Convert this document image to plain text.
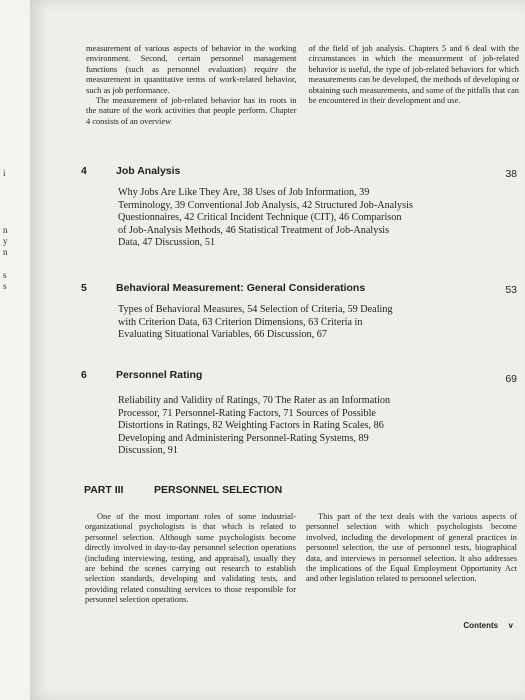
i
n
y
n
s
s

measurement of various aspects of behavior in the working environment. Second, certain personnel management functions (such as personnel evaluation) require the measurement in quantitative terms of work-related behavior, such as job performance.

The measurement of job-related behavior has its roots in the nature of the work activities that people perform. Chapter 4 consists of an overview

of the field of job analysis. Chapters 5 and 6 deal with the circumstances in which the measurement of job-related behavior is useful, the type of job-related behaviors for which measurements can be developed, the methods of developing or obtaining such measurements, and some of the pitfalls that can be encountered in their development and use.

4	Job Analysis	38
Why Jobs Are Like They Are, 38 Uses of Job Information, 39
Terminology, 39 Conventional Job Analysis, 42 Structured Job-Analysis
Questionnaires, 42 Critical Incident Technique (CIT), 46 Comparison
of Job-Analysis Methods, 46 Statistical Treatment of Job-Analysis
Data, 47 Discussion, 51
5	Behavioral Measurement: General Considerations	53
Types of Behavioral Measures, 54 Selection of Criteria, 59 Dealing
with Criterion Data, 63 Criterion Dimensions, 63 Criteria in
Evaluating Situational Variables, 66 Discussion, 67
6	Personnel Rating	69
Reliability and Validity of Ratings, 70 The Rater as an Information
Processor, 71 Personnel-Rating Factors, 71 Sources of Possible
Distortions in Ratings, 82 Weighting Factors in Rating Scales, 86
Developing and Administering Personnel-Rating Systems, 89
Discussion, 91
PART III	PERSONNEL SELECTION

One of the most important roles of some industrial-organizational psychologists is that which is related to personnel selection. Although some psychologists become directly involved in day-to-day personnel selection operations (including interviewing, testing, and appraisal), usually they are behind the scenes carrying out research to establish selection standards, developing and validating tests, and providing related consulting services to those responsible for personnel selection operations.

This part of the text deals with the various aspects of personnel selection with which psychologists become involved, including the development of general practices in personnel selection, the use of personnel tests, biographical data, and interviews in personnel selection. It also addresses the implications of the Equal Employment Opportunity Act and other legislation related to personnel selection.

Contents v
